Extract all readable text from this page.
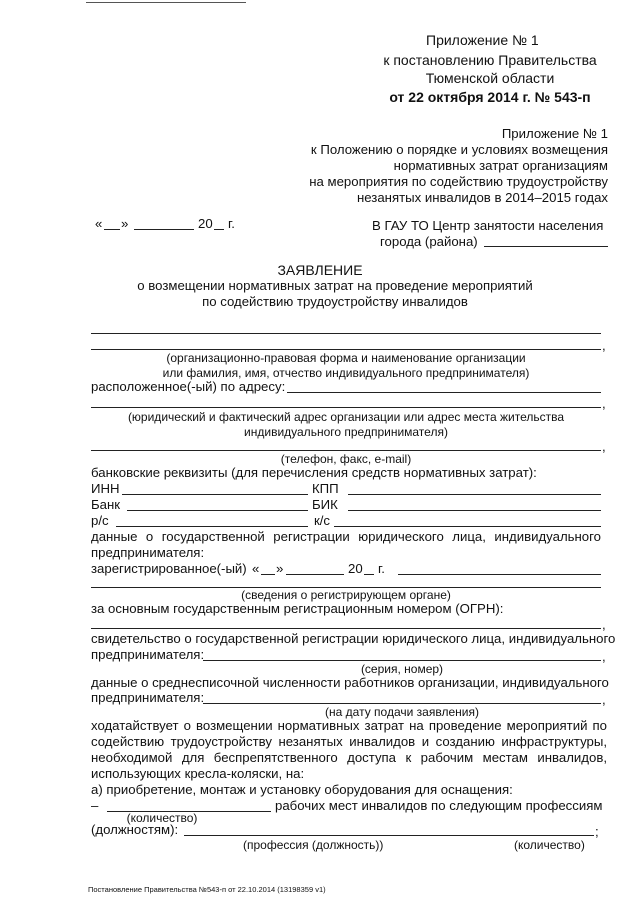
Приложение № 1
к постановлению Правительства
Тюменской области
от 22 октября 2014 г. № 543-п
Приложение № 1
к Положению о порядке и условиях возмещения
нормативных затрат организациям
на мероприятия по содействию трудоустройству
незанятых инвалидов в 2014–2015 годах
« »	20 г.	В ГАУ ТО Центр занятости населения
города (района)
ЗАЯВЛЕНИЕ
о возмещении нормативных затрат на проведение мероприятий
по содействию трудоустройству инвалидов
,
(организационно-правовая форма и наименование организации
или фамилия, имя, отчество индивидуального предпринимателя)
расположенное(-ый) по адресу:
,
(юридический и фактический адрес организации или адрес места жительства
индивидуального предпринимателя)
,
(телефон, факс, e-mail)
банковские реквизиты (для перечисления средств нормативных затрат):
ИНН	КПП
Банк	БИК
р/с	к/с
данные о государственной регистрации юридического лица, индивидуального
предпринимателя:
зарегистрированное(-ый) « »	20 г.
(сведения о регистрирующем органе)
за основным государственным регистрационным номером (ОГРН):
,
свидетельство о государственной регистрации юридического лица, индивидуального
предпринимателя:	,
(серия, номер)
данные о среднесписочной численности работников организации, индивидуального
предпринимателя:	,
(на дату подачи заявления)
ходатайствует о возмещении нормативных затрат на проведение мероприятий по
содействию трудоустройству незанятых инвалидов и созданию инфраструктуры,
необходимой для беспрепятственного доступа к рабочим местам инвалидов,
использующих кресла-коляски, на:
а) приобретение, монтаж и установку оборудования для оснащения:
–	рабочих мест инвалидов по следующим профессиям
(количество)
(должностям):	;
(профессия (должность))	(количество)
Постановление Правительства №543-п от 22.10.2014 (13198359 v1)
